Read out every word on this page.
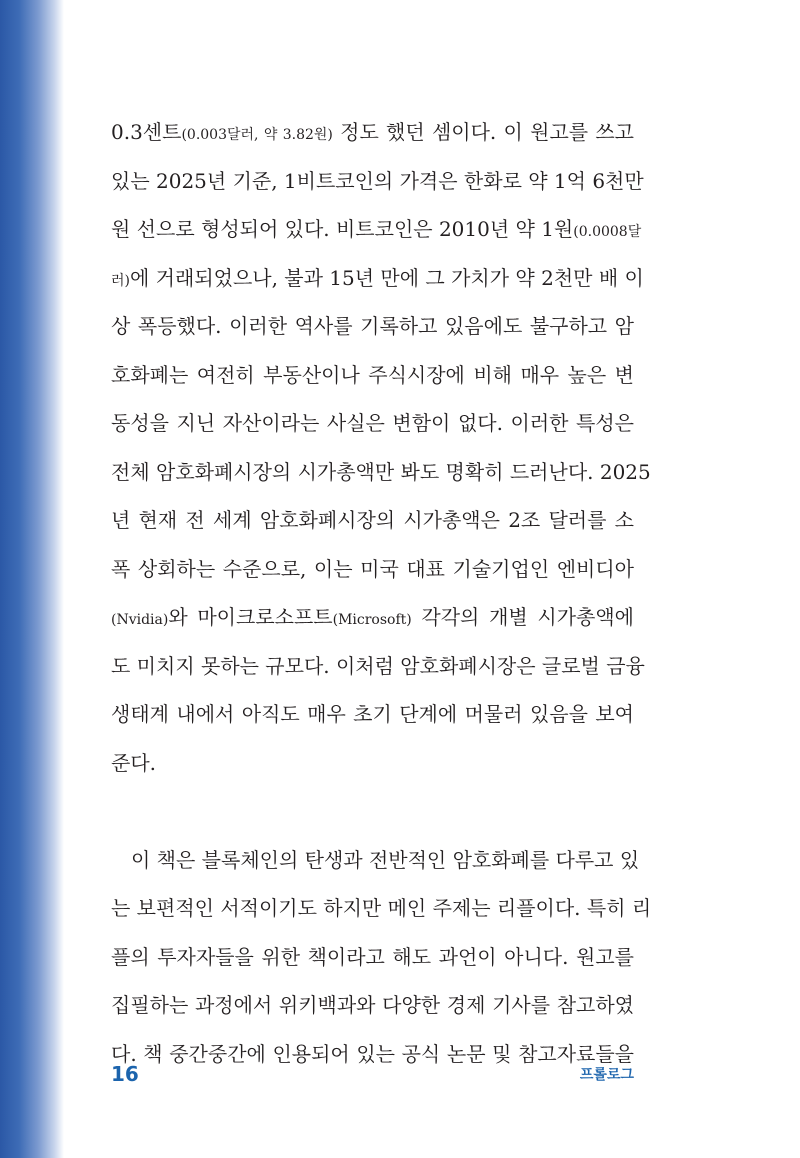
0.3센트(0.003달러, 약 3.82원) 정도 했던 셈이다. 이 원고를 쓰고
있는 2025년 기준, 1비트코인의 가격은 한화로 약 1억 6천만
원 선으로 형성되어 있다. 비트코인은 2010년 약 1원(0.0008달
러)에 거래되었으나, 불과 15년 만에 그 가치가 약 2천만 배 이
상 폭등했다. 이러한 역사를 기록하고 있음에도 불구하고 암
호화폐는 여전히 부동산이나 주식시장에 비해 매우 높은 변
동성을 지닌 자산이라는 사실은 변함이 없다. 이러한 특성은
전체 암호화폐시장의 시가총액만 봐도 명확히 드러난다. 2025
년 현재 전 세계 암호화폐시장의 시가총액은 2조 달러를 소
폭 상회하는 수준으로, 이는 미국 대표 기술기업인 엔비디아
(Nvidia)와 마이크로소프트(Microsoft) 각각의 개별 시가총액에
도 미치지 못하는 규모다. 이처럼 암호화폐시장은 글로벌 금융
생태계 내에서 아직도 매우 초기 단계에 머물러 있음을 보여
준다.
　이 책은 블록체인의 탄생과 전반적인 암호화폐를 다루고 있
는 보편적인 서적이기도 하지만 메인 주제는 리플이다. 특히 리
플의 투자자들을 위한 책이라고 해도 과언이 아니다. 원고를
집필하는 과정에서 위키백과와 다양한 경제 기사를 참고하였
다. 책 중간중간에 인용되어 있는 공식 논문 및 참고자료들을
16	프롤로그
